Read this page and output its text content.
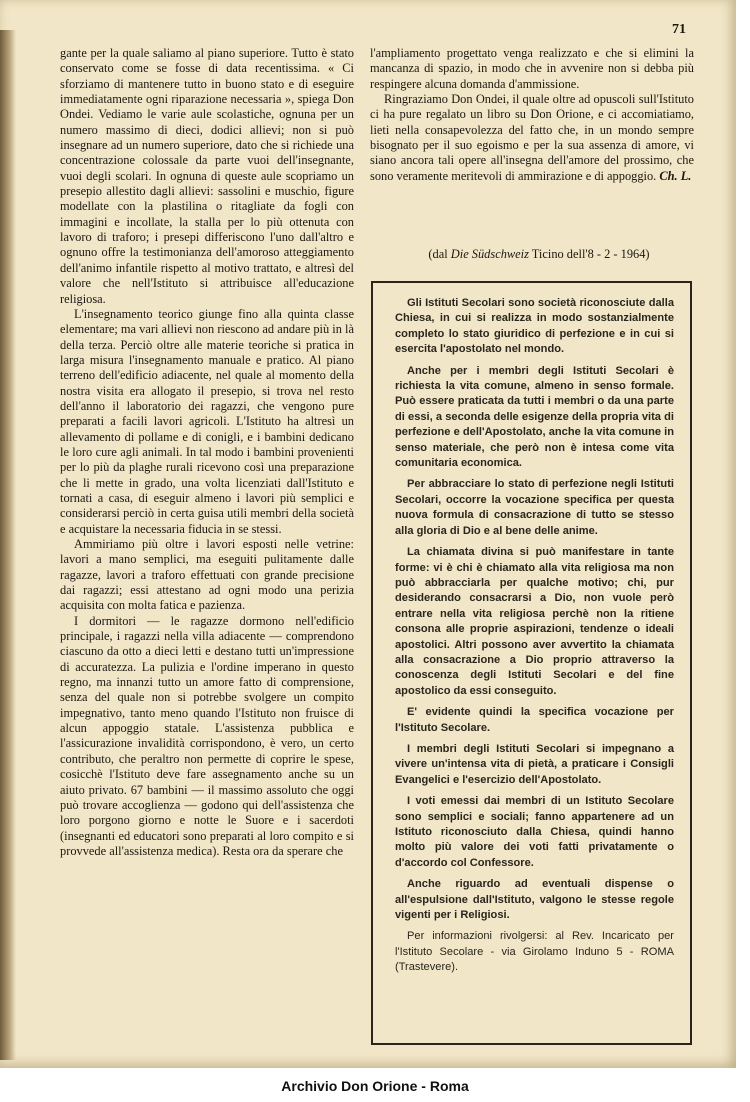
71

gante per la quale saliamo al piano superiore. Tutto è stato conservato come se fosse di data recentissima. « Ci sforziamo di mantenere tutto in buono stato e di eseguire immediatamente ogni riparazione necessaria », spiega Don Ondei. Vediamo le varie aule scolastiche, ognuna per un numero massimo di dieci, dodici allievi; non si può insegnare ad un numero superiore, dato che si richiede una concentrazione colossale da parte vuoi dell'insegnante, vuoi degli scolari. In ognuna di queste aule scopriamo un presepio allestito dagli allievi: sassolini e muschio, figure modellate con la plastilina o ritagliate da fogli con immagini e incollate, la stalla per lo più ottenuta con lavoro di traforo; i presepi differiscono l'uno dall'altro e ognuno offre la testimonianza dell'amoroso atteggiamento dell'animo infantile rispetto al motivo trattato, e altresì del valore che nell'Istituto si attribuisce all'educazione religiosa.

L'insegnamento teorico giunge fino alla quinta classe elementare; ma vari allievi non riescono ad andare più in là della terza. Perciò oltre alle materie teoriche si pratica in larga misura l'insegnamento manuale e pratico. Al piano terreno dell'edificio adiacente, nel quale al momento della nostra visita era allogato il presepio, si trova nel resto dell'anno il laboratorio dei ragazzi, che vengono pure preparati a facili lavori agricoli. L'Istituto ha altresì un allevamento di pollame e di conigli, e i bambini dedicano le loro cure agli animali. In tal modo i bambini provenienti per lo più da plaghe rurali ricevono così una preparazione che li mette in grado, una volta licenziati dall'Istituto e tornati a casa, di eseguir almeno i lavori più semplici e considerarsi perciò in certa guisa utili membri della società e acquistare la necessaria fiducia in se stessi.

Ammiriamo più oltre i lavori esposti nelle vetrine: lavori a mano semplici, ma eseguiti pulitamente dalle ragazze, lavori a traforo effettuati con grande precisione dai ragazzi; essi attestano ad ogni modo una perizia acquisita con molta fatica e pazienza.

I dormitori — le ragazze dormono nell'edificio principale, i ragazzi nella villa adiacente — comprendono ciascuno da otto a dieci letti e destano tutti un'impressione di accuratezza. La pulizia e l'ordine imperano in questo regno, ma innanzi tutto un amore fatto di comprensione, senza del quale non si potrebbe svolgere un compito impegnativo, tanto meno quando l'Istituto non fruisce di alcun appoggio statale. L'assistenza pubblica e l'assicurazione invalidità corrispondono, è vero, un certo contributo, che peraltro non permette di coprire le spese, cosicchè l'Istituto deve fare assegnamento anche su un aiuto privato. 67 bambini — il massimo assoluto che oggi può trovare accoglienza — godono qui dell'assistenza che loro porgono giorno e notte le Suore e i sacerdoti (insegnanti ed educatori sono preparati al loro compito e si provvede all'assistenza medica). Resta ora da sperare che

l'ampliamento progettato venga realizzato e che si elimini la mancanza di spazio, in modo che in avvenire non si debba più respingere alcuna domanda d'ammissione.

Ringraziamo Don Ondei, il quale oltre ad opuscoli sull'Istituto ci ha pure regalato un libro su Don Orione, e ci accomiatiamo, lieti nella consapevolezza del fatto che, in un mondo sempre bisognato per il suo egoismo e per la sua assenza di amore, vi siano ancora tali opere all'insegna dell'amore del prossimo, che sono veramente meritevoli di ammirazione e di appoggio. Ch. L.

(dal Die Südschweiz Ticino dell'8 - 2 - 1964)

Gli Istituti Secolari sono società riconosciute dalla Chiesa, in cui si realizza in modo sostanzialmente completo lo stato giuridico di perfezione e in cui si esercita l'apostolato nel mondo.

Anche per i membri degli Istituti Secolari è richiesta la vita comune, almeno in senso formale. Può essere praticata da tutti i membri o da una parte di essi, a seconda delle esigenze della propria vita di perfezione e dell'Apostolato, anche la vita comune in senso materiale, che però non è intesa come vita comunitaria economica.

Per abbracciare lo stato di perfezione negli Istituti Secolari, occorre la vocazione specifica per questa nuova formula di consacrazione di tutto se stesso alla gloria di Dio e al bene delle anime.

La chiamata divina si può manifestare in tante forme: vi è chi è chiamato alla vita religiosa ma non può abbracciarla per qualche motivo; chi, pur desiderando consacrarsi a Dio, non vuole però entrare nella vita religiosa perchè non la ritiene consona alle proprie aspirazioni, tendenze o ideali apostolici. Altri possono aver avvertito la chiamata alla consacrazione a Dio proprio attraverso la conoscenza degli Istituti Secolari e del fine apostolico da essi conseguito.

E' evidente quindi la specifica vocazione per l'Istituto Secolare.

I membri degli Istituti Secolari si impegnano a vivere un'intensa vita di pietà, a praticare i Consigli Evangelici e l'esercizio dell'Apostolato.

I voti emessi dai membri di un Istituto Secolare sono semplici e sociali; fanno appartenere ad un Istituto riconosciuto dalla Chiesa, quindi hanno molto più valore dei voti fatti privatamente o d'accordo col Confessore.

Anche riguardo ad eventuali dispense o all'espulsione dall'Istituto, valgono le stesse regole vigenti per i Religiosi.

Per informazioni rivolgersi: al Rev. Incaricato per l'Istituto Secolare - via Girolamo Induno 5 - ROMA (Trastevere).

Archivio Don Orione - Roma
